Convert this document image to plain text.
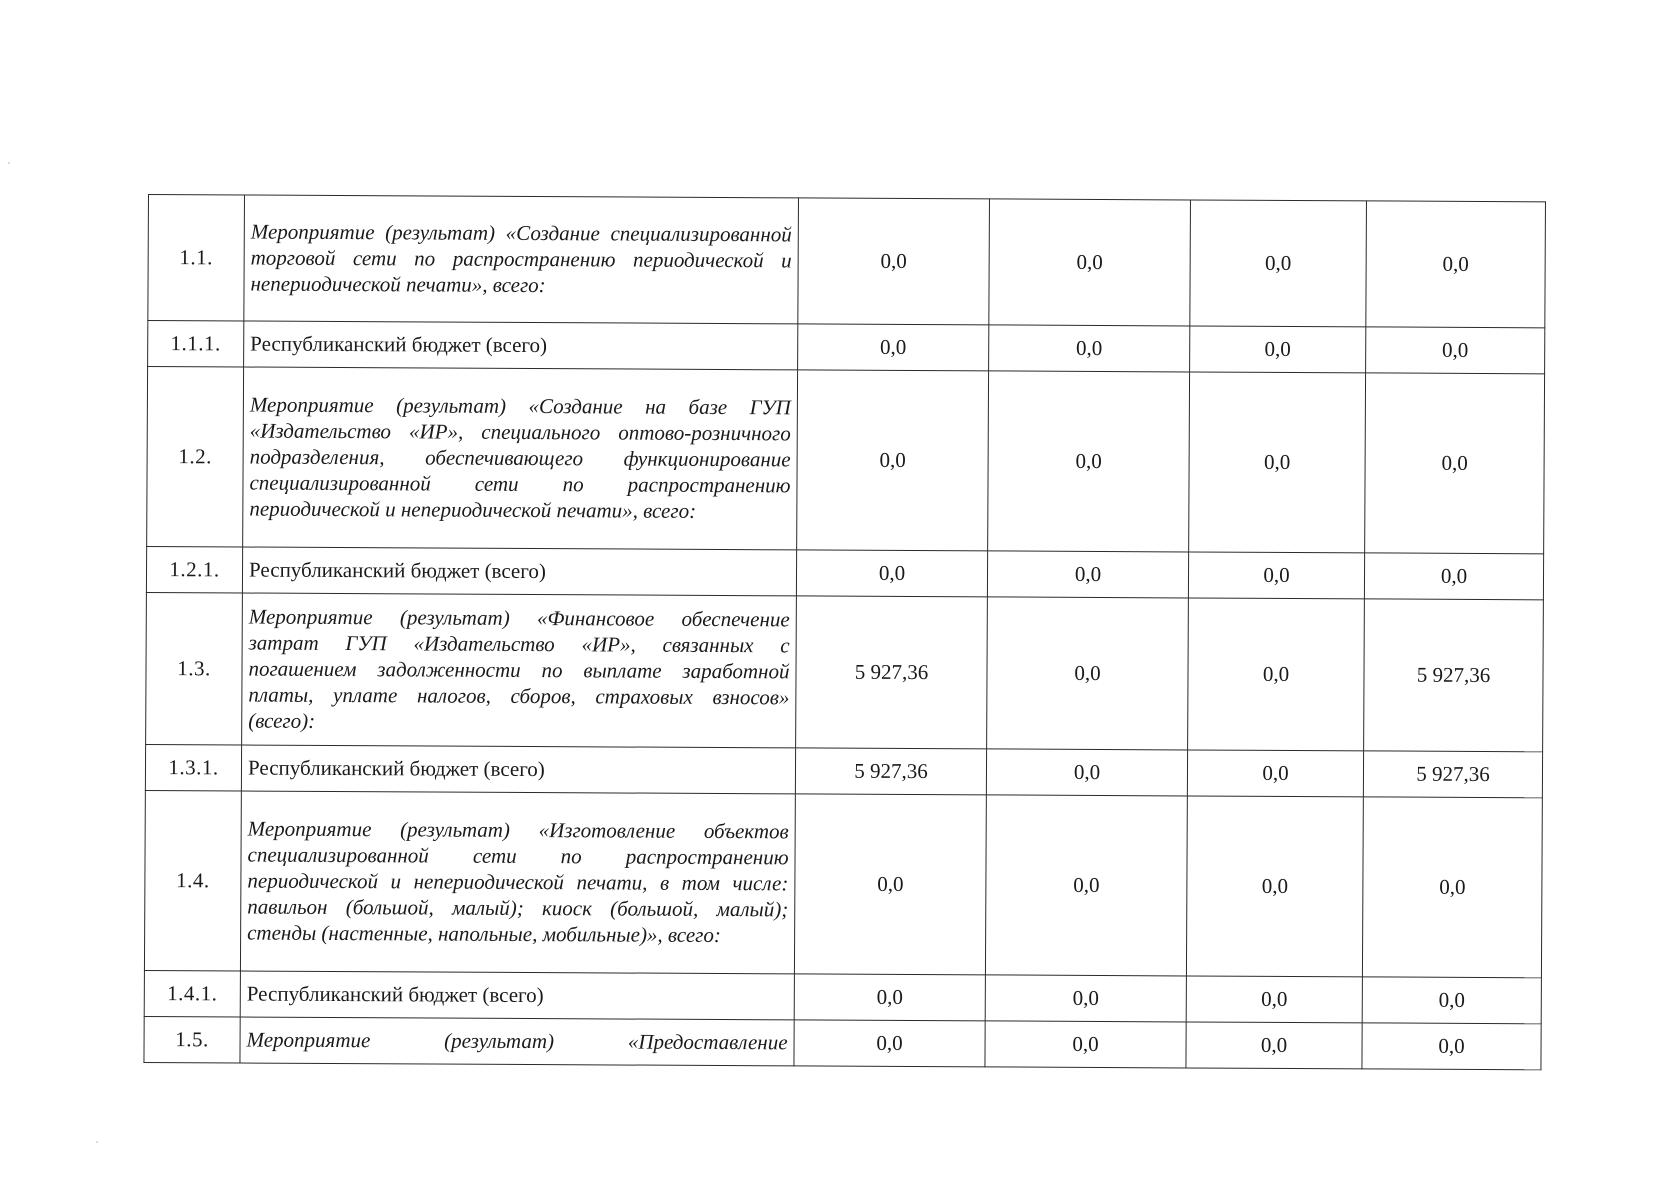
1.1.	Мероприятие (результат) «Создание специализированной торговой сети по распространению периодической и непериодической печати», всего:	0,0	0,0	0,0	0,0
1.1.1.	Республиканский бюджет (всего)	0,0	0,0	0,0	0,0
1.2.	Мероприятие (результат) «Создание на базе ГУП «Издательство «ИР», специального оптово-розничного подразделения, обеспечивающего функционирование специализированной сети по распространению периодической и непериодической печати», всего:	0,0	0,0	0,0	0,0
1.2.1.	Республиканский бюджет (всего)	0,0	0,0	0,0	0,0
1.3.	Мероприятие (результат) «Финансовое обеспечение затрат ГУП «Издательство «ИР», связанных с погашением задолженности по выплате заработной платы, уплате налогов, сборов, страховых взносов» (всего):	5 927,36	0,0	0,0	5 927,36
1.3.1.	Республиканский бюджет (всего)	5 927,36	0,0	0,0	5 927,36
1.4.	Мероприятие (результат) «Изготовление объектов специализированной сети по распространению периодической и непериодической печати, в том числе: павильон (большой, малый); киоск (большой, малый); стенды (настенные, напольные, мобильные)», всего:	0,0	0,0	0,0	0,0
1.4.1.	Республиканский бюджет (всего)	0,0	0,0	0,0	0,0
1.5.	Мероприятие (результат) «Предоставление	0,0	0,0	0,0	0,0
